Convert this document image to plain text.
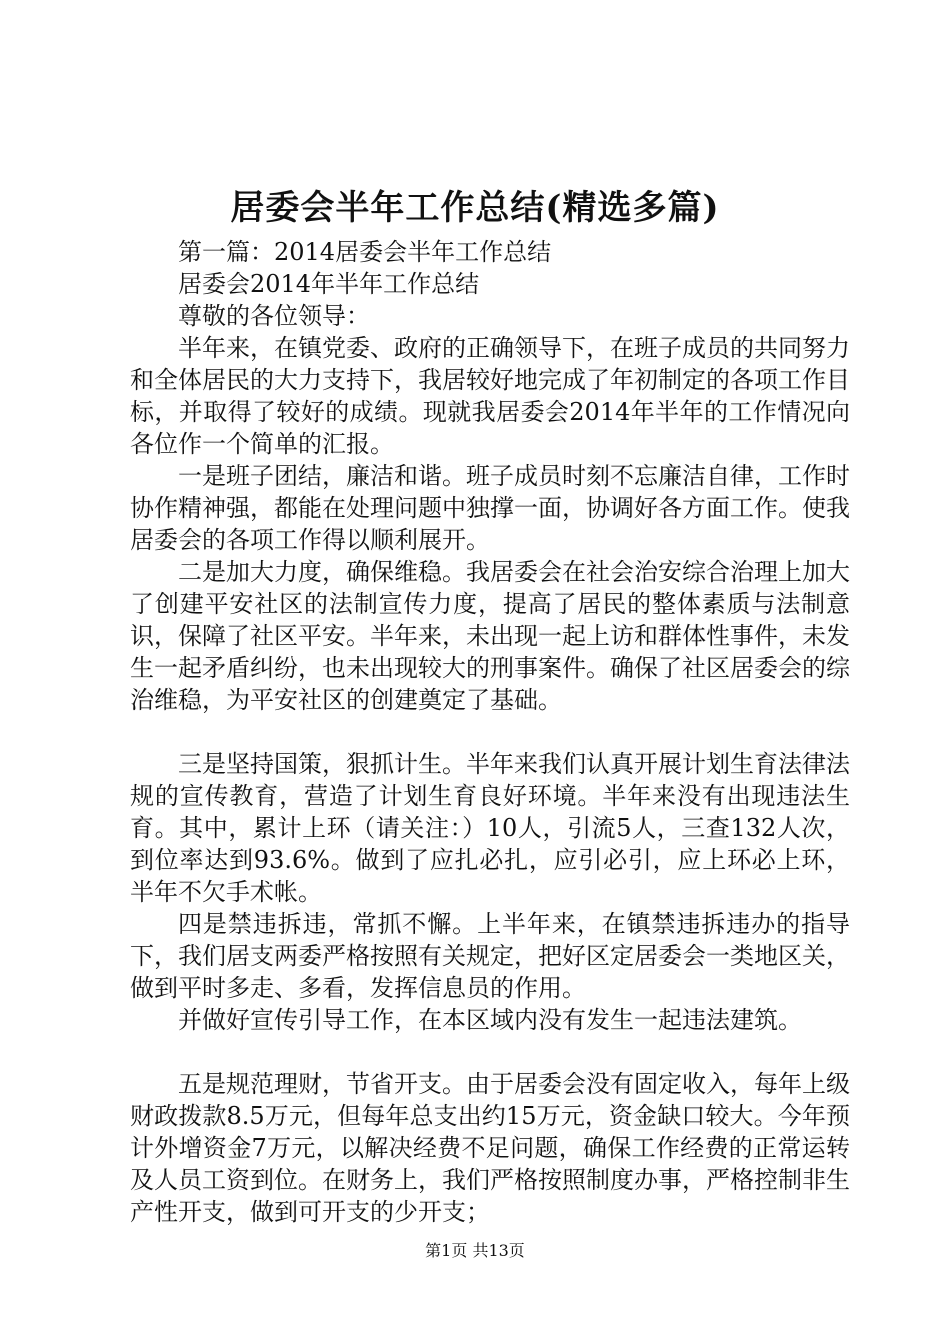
居委会半年工作总结(精选多篇)

第一篇：2014居委会半年工作总结

居委会2014年半年工作总结

尊敬的各位领导：

半年来，在镇党委、政府的正确领导下，在班子成员的共同努力和全体居民的大力支持下，我居较好地完成了年初制定的各项工作目标，并取得了较好的成绩。现就我居委会2014年半年的工作情况向各位作一个简单的汇报。

一是班子团结，廉洁和谐。班子成员时刻不忘廉洁自律，工作时协作精神强，都能在处理问题中独撑一面，协调好各方面工作。使我居委会的各项工作得以顺利展开。

二是加大力度，确保维稳。我居委会在社会治安综合治理上加大了创建平安社区的法制宣传力度，提高了居民的整体素质与法制意识，保障了社区平安。半年来，未出现一起上访和群体性事件，未发生一起矛盾纠纷，也未出现较大的刑事案件。确保了社区居委会的综治维稳，为平安社区的创建奠定了基础。

三是坚持国策，狠抓计生。半年来我们认真开展计划生育法律法规的宣传教育，营造了计划生育良好环境。半年来没有出现违法生育。其中，累计上环（请关注：）10人，引流5人，三查132人次，到位率达到93.6%。做到了应扎必扎，应引必引，应上环必上环，半年不欠手术帐。

四是禁违拆违，常抓不懈。上半年来，在镇禁违拆违办的指导下，我们居支两委严格按照有关规定，把好区定居委会一类地区关，做到平时多走、多看，发挥信息员的作用。

并做好宣传引导工作，在本区域内没有发生一起违法建筑。

五是规范理财，节省开支。由于居委会没有固定收入，每年上级财政拨款8.5万元，但每年总支出约15万元，资金缺口较大。今年预计外增资金7万元，以解决经费不足问题，确保工作经费的正常运转及人员工资到位。在财务上，我们严格按照制度办事，严格控制非生产性开支，做到可开支的少开支；

第1页 共13页
